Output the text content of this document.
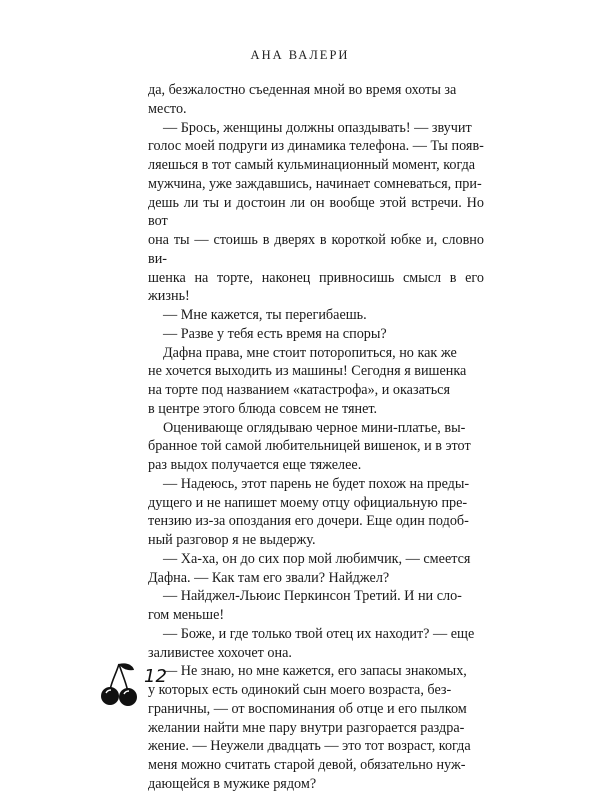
АНА ВАЛЕРИ

да, безжалостно съеденная мной во время охоты за
место.

— Брось, женщины должны опаздывать! — звучит
голос моей подруги из динамика телефона. — Ты появ-
ляешься в тот самый кульминационный момент, когда
мужчина, уже заждавшись, начинает сомневаться, при-
дешь ли ты и достоин ли он вообще этой встречи. Но вот
она ты — стоишь в дверях в короткой юбке и, словно ви-
шенка на торте, наконец привносишь смысл в его жизнь!

— Мне кажется, ты перегибаешь.

— Разве у тебя есть время на споры?

Дафна права, мне стоит поторопиться, но как же
не хочется выходить из машины! Сегодня я вишенка
на торте под названием «катастрофа», и оказаться
в центре этого блюда совсем не тянет.

Оценивающе оглядываю черное мини-платье, вы-
бранное той самой любительницей вишенок, и в этот
раз выдох получается еще тяжелее.

— Надеюсь, этот парень не будет похож на преды-
дущего и не напишет моему отцу официальную пре-
тензию из-за опоздания его дочери. Еще один подоб-
ный разговор я не выдержу.

— Ха-ха, он до сих пор мой любимчик, — смеется
Дафна. — Как там его звали? Найджел?

— Найджел-Льюис Перкинсон Третий. И ни сло-
гом меньше!

— Боже, и где только твой отец их находит? — еще
заливистее хохочет она.

— Не знаю, но мне кажется, его запасы знакомых,
у которых есть одинокий сын моего возраста, без-
граничны, — от воспоминания об отце и его пылком
желании найти мне пару внутри разгорается раздра-
жение. — Неужели двадцать — это тот возраст, когда
меня можно считать старой девой, обязательно нуж-
дающейся в мужике рядом?

12
